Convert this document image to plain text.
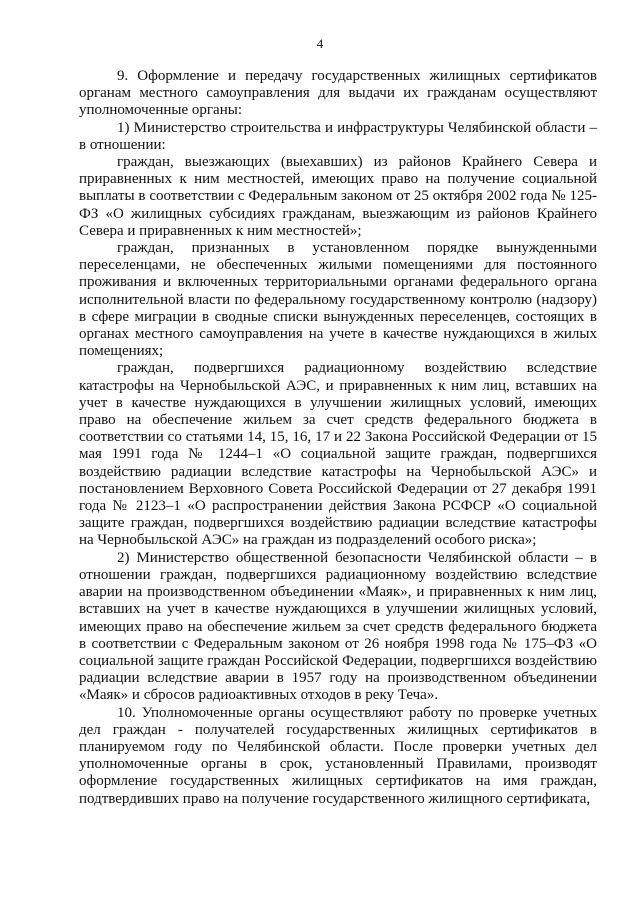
4

9. Оформление и передачу государственных жилищных сертификатов органам местного самоуправления для выдачи их гражданам осуществляют уполномоченные органы:

1) Министерство строительства и инфраструктуры Челябинской области – в отношении:

граждан, выезжающих (выехавших) из районов Крайнего Севера и приравненных к ним местностей, имеющих право на получение социальной выплаты в соответствии с Федеральным законом от 25 октября 2002 года № 125-ФЗ «О жилищных субсидиях гражданам, выезжающим из районов Крайнего Севера и приравненных к ним местностей»;

граждан, признанных в установленном порядке вынужденными переселенцами, не обеспеченных жилыми помещениями для постоянного проживания и включенных территориальными органами федерального органа исполнительной власти по федеральному государственному контролю (надзору) в сфере миграции в сводные списки вынужденных переселенцев, состоящих в органах местного самоуправления на учете в качестве нуждающихся в жилых помещениях;

граждан, подвергшихся радиационному воздействию вследствие катастрофы на Чернобыльской АЭС, и приравненных к ним лиц, вставших на учет в качестве нуждающихся в улучшении жилищных условий, имеющих право на обеспечение жильем за счет средств федерального бюджета в соответствии со статьями 14, 15, 16, 17 и 22 Закона Российской Федерации от 15 мая 1991 года № 1244–1 «О социальной защите граждан, подвергшихся воздействию радиации вследствие катастрофы на Чернобыльской АЭС» и постановлением Верховного Совета Российской Федерации от 27 декабря 1991 года № 2123–1 «О распространении действия Закона РСФСР «О социальной защите граждан, подвергшихся воздействию радиации вследствие катастрофы на Чернобыльской АЭС» на граждан из подразделений особого риска»;

2) Министерство общественной безопасности Челябинской области – в отношении граждан, подвергшихся радиационному воздействию вследствие аварии на производственном объединении «Маяк», и приравненных к ним лиц, вставших на учет в качестве нуждающихся в улучшении жилищных условий, имеющих право на обеспечение жильем за счет средств федерального бюджета в соответствии с Федеральным законом от 26 ноября 1998 года № 175–ФЗ «О социальной защите граждан Российской Федерации, подвергшихся воздействию радиации вследствие аварии в 1957 году на производственном объединении «Маяк» и сбросов радиоактивных отходов в реку Теча».

10. Уполномоченные органы осуществляют работу по проверке учетных дел граждан - получателей государственных жилищных сертификатов в планируемом году по Челябинской области. После проверки учетных дел уполномоченные органы в срок, установленный Правилами, производят оформление государственных жилищных сертификатов на имя граждан, подтвердивших право на получение государственного жилищного сертификата,
